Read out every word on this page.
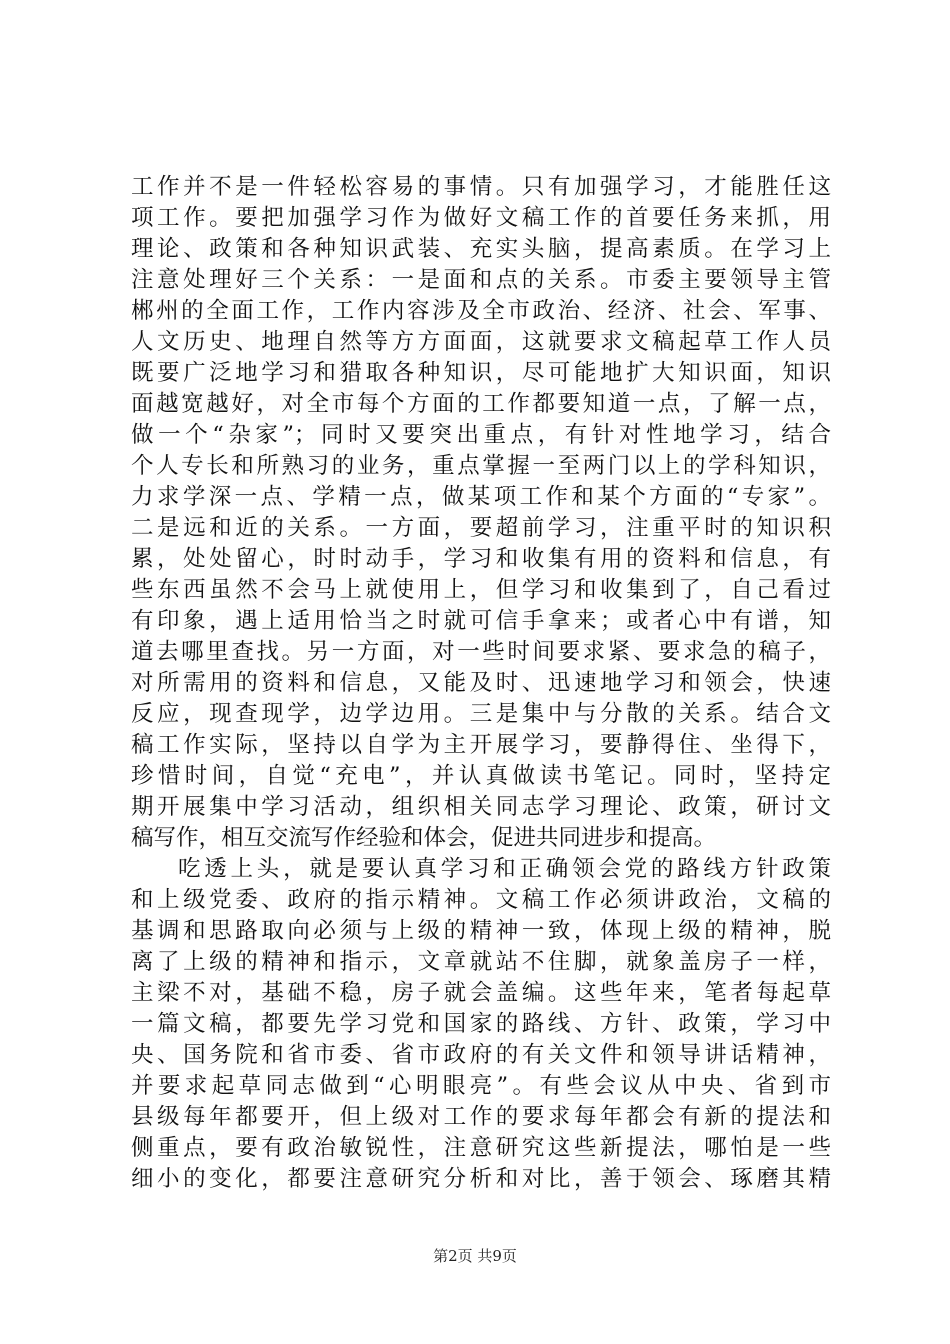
工作并不是一件轻松容易的事情。只有加强学习，才能胜任这
项工作。要把加强学习作为做好文稿工作的首要任务来抓，用
理论、政策和各种知识武装、充实头脑，提高素质。在学习上
注意处理好三个关系：一是面和点的关系。市委主要领导主管
郴州的全面工作，工作内容涉及全市政治、经济、社会、军事、
人文历史、地理自然等方方面面，这就要求文稿起草工作人员
既要广泛地学习和猎取各种知识，尽可能地扩大知识面，知识
面越宽越好，对全市每个方面的工作都要知道一点，了解一点，
做一个“杂家”；同时又要突出重点，有针对性地学习，结合
个人专长和所熟习的业务，重点掌握一至两门以上的学科知识，
力求学深一点、学精一点，做某项工作和某个方面的“专家”。
二是远和近的关系。一方面，要超前学习，注重平时的知识积
累，处处留心，时时动手，学习和收集有用的资料和信息，有
些东西虽然不会马上就使用上，但学习和收集到了，自己看过
有印象，遇上适用恰当之时就可信手拿来；或者心中有谱，知
道去哪里查找。另一方面，对一些时间要求紧、要求急的稿子，
对所需用的资料和信息，又能及时、迅速地学习和领会，快速
反应，现查现学，边学边用。三是集中与分散的关系。结合文
稿工作实际，坚持以自学为主开展学习，要静得住、坐得下，
珍惜时间，自觉“充电”，并认真做读书笔记。同时，坚持定
期开展集中学习活动，组织相关同志学习理论、政策，研讨文
稿写作，相互交流写作经验和体会，促进共同进步和提高。
吃透上头，就是要认真学习和正确领会党的路线方针政策
和上级党委、政府的指示精神。文稿工作必须讲政治，文稿的
基调和思路取向必须与上级的精神一致，体现上级的精神，脱
离了上级的精神和指示，文章就站不住脚，就象盖房子一样，
主梁不对，基础不稳，房子就会盖编。这些年来，笔者每起草
一篇文稿，都要先学习党和国家的路线、方针、政策，学习中
央、国务院和省市委、省市政府的有关文件和领导讲话精神，
并要求起草同志做到“心明眼亮”。有些会议从中央、省到市
县级每年都要开，但上级对工作的要求每年都会有新的提法和
侧重点，要有政治敏锐性，注意研究这些新提法，哪怕是一些
细小的变化，都要注意研究分析和对比，善于领会、琢磨其精
第2页 共9页
